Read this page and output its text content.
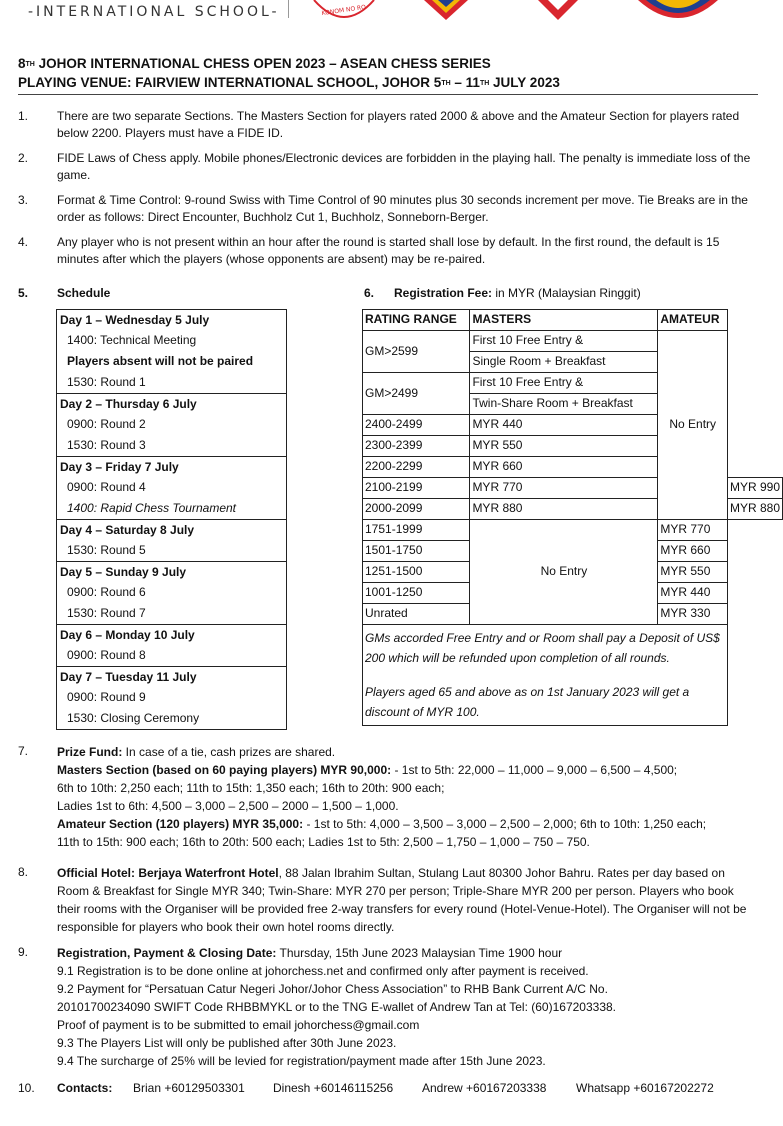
-INTERNATIONAL SCHOOL-	KONOM NO RO
8TH JOHOR INTERNATIONAL CHESS OPEN 2023 – ASEAN CHESS SERIES
PLAYING VENUE: FAIRVIEW INTERNATIONAL SCHOOL, JOHOR 5TH – 11TH JULY 2023
1.	There are two separate Sections. The Masters Section for players rated 2000 & above and the Amateur Section for players rated below 2200. Players must have a FIDE ID.
2.	FIDE Laws of Chess apply. Mobile phones/Electronic devices are forbidden in the playing hall. The penalty is immediate loss of the game.
3.	Format & Time Control: 9-round Swiss with Time Control of 90 minutes plus 30 seconds increment per move. Tie Breaks are in the order as follows: Direct Encounter, Buchholz Cut 1, Buchholz, Sonneborn-Berger.
4.	Any player who is not present within an hour after the round is started shall lose by default. In the first round, the default is 15 minutes after which the players (whose opponents are absent) may be re-paired.
5. Schedule
Day 1 – Wednesday 5 July
1400: Technical Meeting
Players absent will not be paired
1530: Round 1
Day 2 – Thursday 6 July
0900: Round 2
1530: Round 3
Day 3 – Friday 7 July
0900: Round 4
1400: Rapid Chess Tournament
Day 4 – Saturday 8 July
1530: Round 5
Day 5 – Sunday 9 July
0900: Round 6
1530: Round 7
Day 6 – Monday 10 July
0900: Round 8
Day 7 – Tuesday 11 July
0900: Round 9
1530: Closing Ceremony
6. Registration Fee: in MYR (Malaysian Ringgit)
RATING RANGE	MASTERS	AMATEUR	
GM>2599	First 10 Free Entry &	No Entry	
	Single Room + Breakfast		
GM>2499	First 10 Free Entry &		
	Twin-Share Room + Breakfast		
2400-2499	MYR 440		
2300-2399	MYR 550		
2200-2299	MYR 660		
2100-2199	MYR 770		MYR 990
2000-2099	MYR 880		MYR 880
1751-1999	No Entry	MYR 770	
1501-1750		MYR 660	
1251-1500		MYR 550	
1001-1250		MYR 440	
Unrated		MYR 330	

GMs accorded Free Entry and or Room shall pay a Deposit of US$ 200 which will be refunded upon completion of all rounds.
Players aged 65 and above as on 1st January 2023 will get a discount of MYR 100.			
7.	Prize Fund: In case of a tie, cash prizes are shared.
Masters Section (based on 60 paying players) MYR 90,000: - 1st to 5th: 22,000 – 11,000 – 9,000 – 6,500 – 4,500;
6th to 10th: 2,250 each; 11th to 15th: 1,350 each; 16th to 20th: 900 each;
Ladies 1st to 6th: 4,500 – 3,000 – 2,500 – 2000 – 1,500 – 1,000.
Amateur Section (120 players) MYR 35,000: - 1st to 5th: 4,000 – 3,500 – 3,000 – 2,500 – 2,000; 6th to 10th: 1,250 each;
11th to 15th: 900 each; 16th to 20th: 500 each; Ladies 1st to 5th: 2,500 – 1,750 – 1,000 – 750 – 750.
8.	Official Hotel: Berjaya Waterfront Hotel, 88 Jalan Ibrahim Sultan, Stulang Laut 80300 Johor Bahru. Rates per day based on Room & Breakfast for Single MYR 340; Twin-Share: MYR 270 per person; Triple-Share MYR 200 per person. Players who book their rooms with the Organiser will be provided free 2-way transfers for every round (Hotel-Venue-Hotel). The Organiser will not be responsible for players who book their own hotel rooms directly.
9.	Registration, Payment & Closing Date: Thursday, 15th June 2023 Malaysian Time 1900 hour
9.1 Registration is to be done online at johorchess.net and confirmed only after payment is received.
9.2 Payment for “Persatuan Catur Negeri Johor/Johor Chess Association” to RHB Bank Current A/C No.
20101700234090 SWIFT Code RHBBMYKL or to the TNG E-wallet of Andrew Tan at Tel: (60)167203338.
Proof of payment is to be submitted to email johorchess@gmail.com
9.3 The Players List will only be published after 30th June 2023.
9.4 The surcharge of 25% will be levied for registration/payment made after 15th June 2023.
10.	Contacts: Brian +60129503301 Dinesh +60146115256 Andrew +60167203338 Whatsapp +60167202272
